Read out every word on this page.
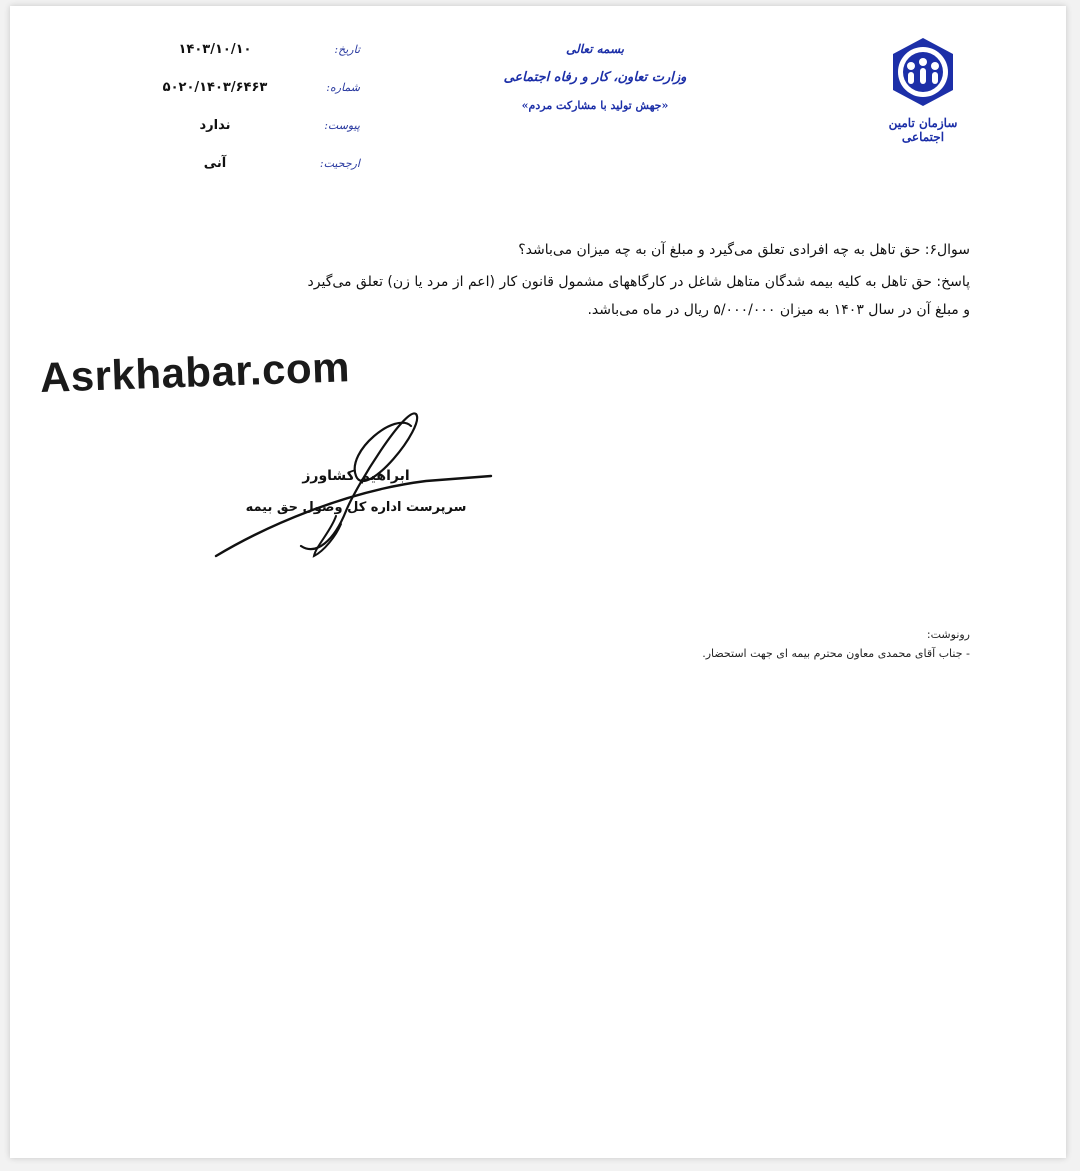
سازمان تامین اجتماعی
بسمه تعالی
وزارت تعاون، کار و رفاه اجتماعی
«جهش تولید با مشارکت مردم»
تاریخ:
۱۴۰۳/۱۰/۱۰
شماره:
۵۰۲۰/۱۴۰۳/۶۴۶۳
پیوست:
ندارد
ارجحیت:
آنی

سوال۶: حق تاهل به چه افرادی تعلق می‌گیرد و مبلغ آن به چه میزان می‌باشد؟

پاسخ: حق تاهل به کلیه بیمه شدگان متاهل شاغل در کارگاههای مشمول قانون کار (اعم از مرد یا زن) تعلق می‌گیرد

و مبلغ آن در سال ۱۴۰۳ به میزان ۵/۰۰۰/۰۰۰ ریال در ماه می‌باشد.

Asrkhabar.com
ابراهیم کشاورز
سرپرست اداره کل وصول حق بیمه
رونوشت:
- جناب آقای محمدی معاون محترم بیمه ای جهت استحضار.
